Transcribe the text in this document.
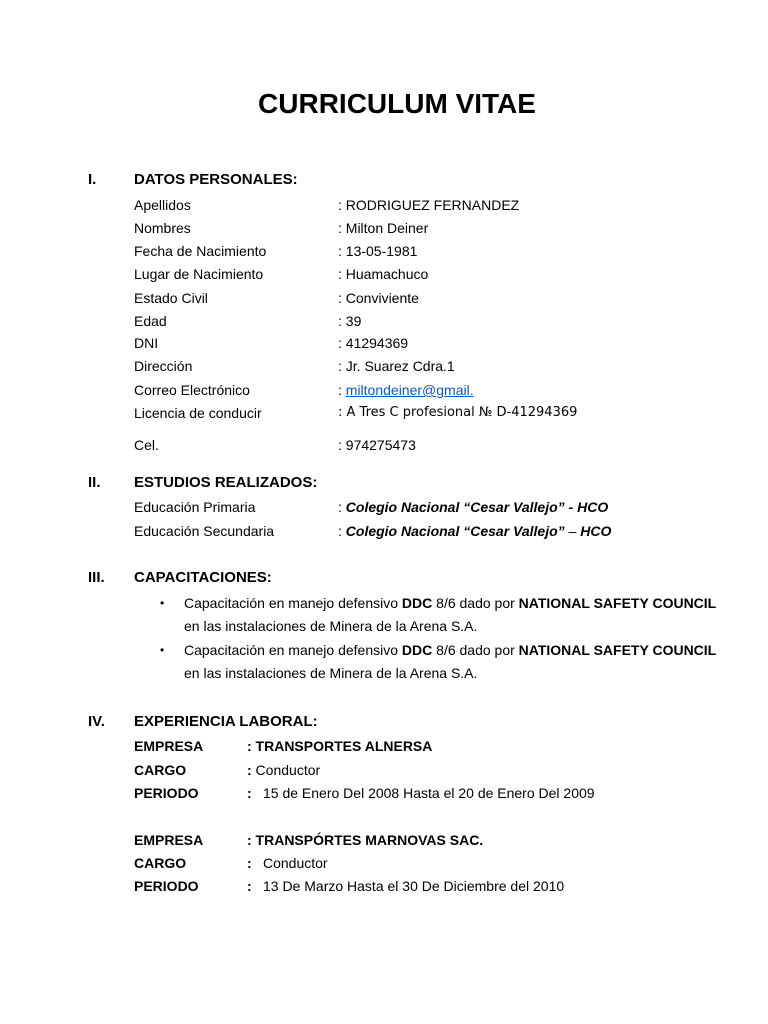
CURRICULUM VITAE
I.	DATOS PERSONALES:
Apellidos	: RODRIGUEZ FERNANDEZ
Nombres	: Milton Deiner
Fecha de Nacimiento	: 13-05-1981
Lugar de Nacimiento	: Huamachuco
Estado Civil	: Conviviente
Edad	: 39
DNI	: 41294369
Dirección	: Jr. Suarez Cdra.1
Correo Electrónico	: miltondeiner@gmail.
Licencia de conducir	: A Tres C profesional № D-41294369
Cel.	: 974275473
II. ESTUDIOS REALIZADOS:
Educación Primaria	: Colegio Nacional “Cesar Vallejo” - HCO
Educación Secundaria	: Colegio Nacional “Cesar Vallejo” – HCO
III. CAPACITACIONES:
• Capacitación en manejo defensivo DDC 8/6 dado por NATIONAL SAFETY COUNCIL
en las instalaciones de Minera de la Arena S.A.
• Capacitación en manejo defensivo DDC 8/6 dado por NATIONAL SAFETY COUNCIL
en las instalaciones de Minera de la Arena S.A.
IV. EXPERIENCIA LABORAL:
EMPRESA	: TRANSPORTES ALNERSA
CARGO	: Conductor
PERIODO	: 15 de Enero Del 2008 Hasta el 20 de Enero Del 2009
EMPRESA	: TRANSPÓRTES MARNOVAS SAC.
CARGO	: Conductor
PERIODO	: 13 De Marzo Hasta el 30 De Diciembre del 2010
